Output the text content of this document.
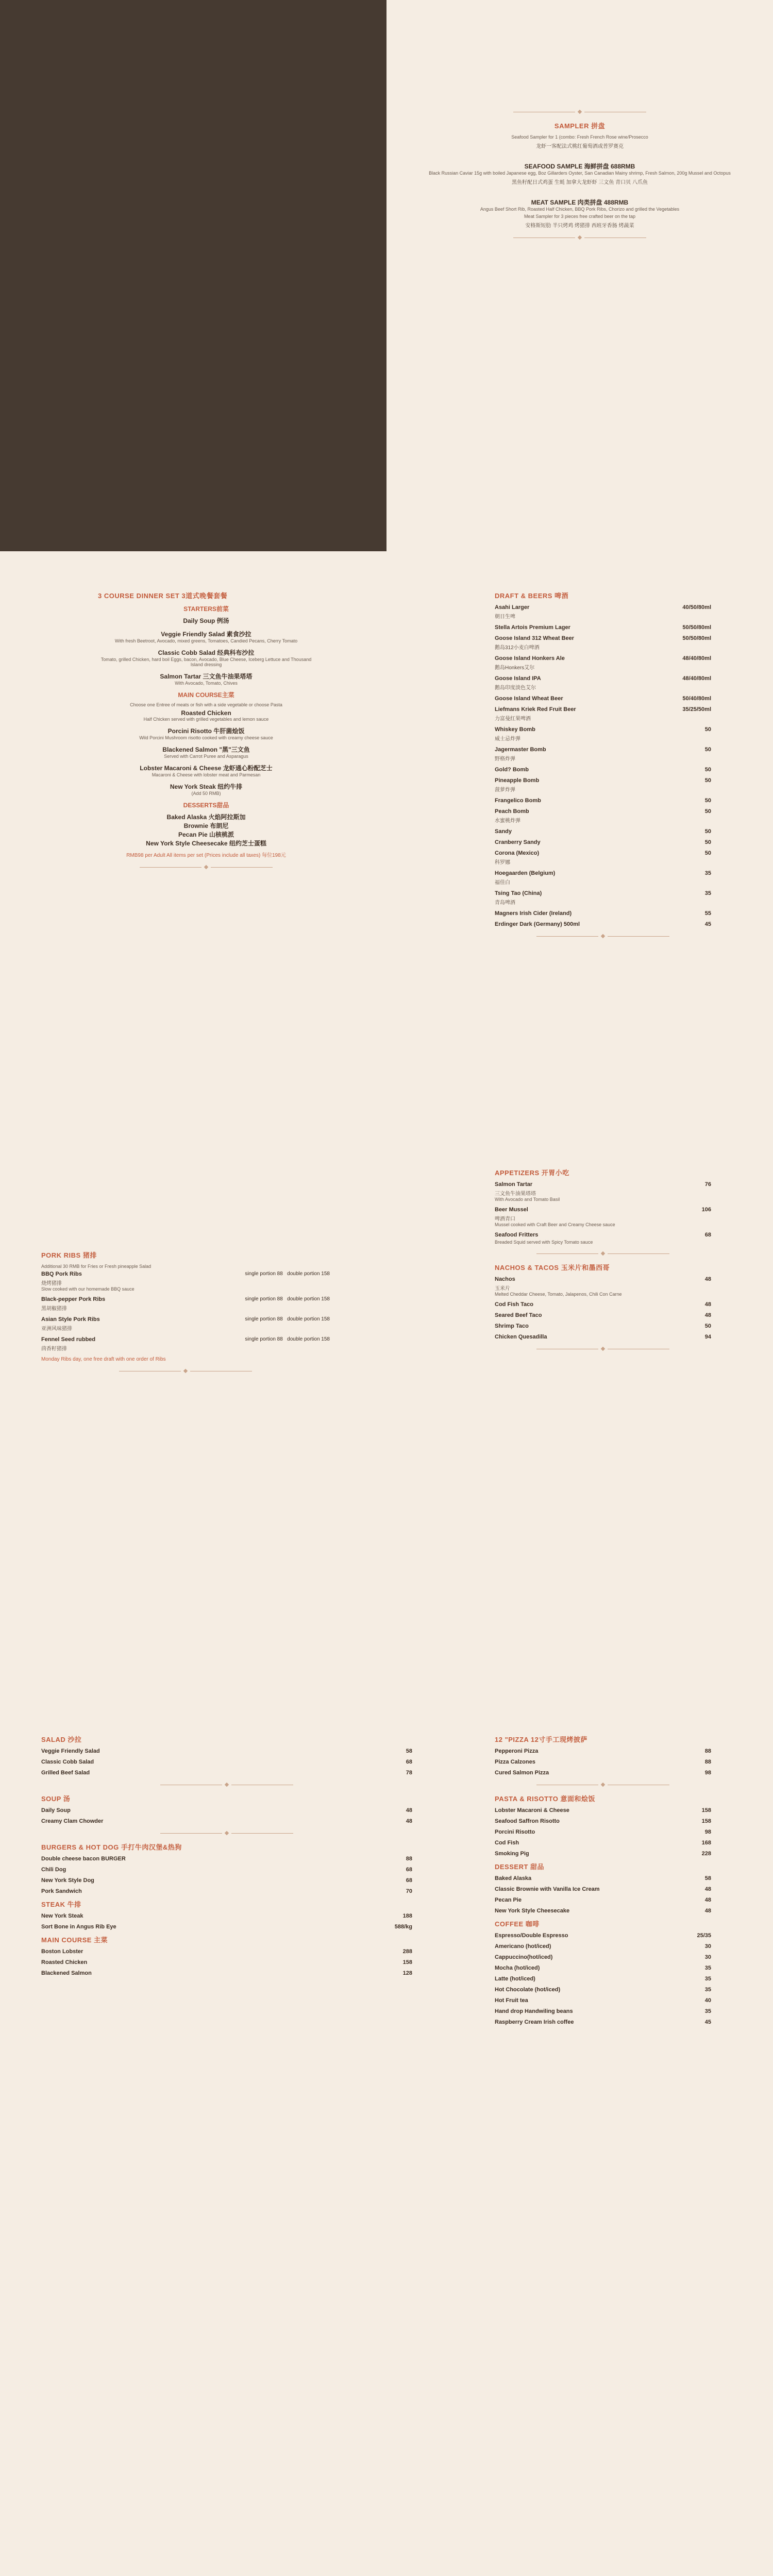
SAMPLER 拼盘
Seafood Sampler for 1 (combo: Fresh French Rose wine/Prosecco
龙虾一客配法式桃红葡萄酒或普罗赛克
SEAFOOD SAMPLE 海鲜拼盘 688RMB
Black Russian Caviar 15g with boiled Japanese egg, Boz Gillarders Oyster, San Canadian Mainy shrimp, Fresh Salmon, 200g Mussel and Octopus
黑鱼籽配日式鸡蛋 生蚝 加拿大龙虾虾 三文鱼 青口贝 八爪鱼
MEAT SAMPLE 肉类拼盘 488RMB
Angus Beef Short Rib, Roasted Half Chicken, BBQ Pork Ribs, Chorizo and grilled the Vegetables
Meat Sampler for 3 pieces free crafted beer on the tap
安格斯短肋 半只烤鸡 烤猪排 西班牙香肠 烤蔬菜
3 COURSE DINNER SET 3道式晚餐套餐
STARTERS前菜
Daily Soup 例汤
Veggie Friendly Salad 素食沙拉
With fresh Beetroot, Avocado, mixed greens, Tomatoes, Candied Pecans, Cherry Tomato
Classic Cobb Salad 经典科布沙拉
Tomato, grilled Chicken, hard boil Eggs, bacon, Avocado, Blue Cheese, Iceberg Lettuce and Thousand Island dressing
Salmon Tartar 三文鱼牛油果塔塔
With Avocado, Tomato, Chives
MAIN COURSE主菜
Choose one Entree of meats or fish with a side vegetable or choose Pasta
Roasted Chicken
Half Chicken served with grilled vegetables and lemon sauce
Porcini Risotto 牛肝菌烩饭
Wild Porcini Mushroom risotto cooked with creamy cheese sauce
Blackened Salmon "黑"三文鱼
Served with Carrot Puree and Asparagus
Lobster Macaroni & Cheese 龙虾通心粉配芝士
Macaroni & Cheese with lobster meat and Parmesan
New York Steak 纽约牛排
(Add 50 RMB)
DESSERTS甜品
Baked Alaska 火焰阿拉斯加
Brownie 布朗尼
Pecan Pie 山核桃派
New York Style Cheesecake 纽约芝士蛋糕
RMB98 per Adult All items per set (Prices include all taxes) 每位198元
DRAFT & BEERS 啤酒
Asahi Larger	40/50/80ml
朝日生啤
Stella Artois Premium Lager	50/50/80ml
Goose Island 312 Wheat Beer	50/50/80ml
鹅岛312小麦白啤酒
Goose Island Honkers Ale	48/40/80ml
鹅岛Honkers艾尔
Goose Island IPA	48/40/80ml
鹅岛印度淡色艾尔
Goose Island Wheat Beer	50/40/80ml
Liefmans Kriek Red Fruit Beer	35/25/50ml
力富曼红果啤酒
Whiskey Bomb	50
威士忌炸弹
Jagermaster Bomb	50
野格炸弹
Gold? Bomb	50
Pineapple Bomb	50
菠萝炸弹
Frangelico Bomb	50
Peach Bomb	50
水蜜桃炸弹
Sandy	50
Cranberry Sandy	50
Corona (Mexico)	50
科罗娜
Hoegaarden (Belgium)	35
福佳白
Tsing Tao (China)	35
青岛啤酒
Magners Irish Cider (Ireland)	55
Erdinger Dark (Germany) 500ml	45
PORK RIBS 猪排
Additional 30 RMB for Fries or Fresh pineapple Salad
BBQ Pork Ribs	single portion 88 double portion 158
烧烤猪排
Slow cooked with our homemade BBQ sauce
Black-pepper Pork Ribs	single portion 88 double portion 158
黑胡椒猪排
Asian Style Pork Ribs	single portion 88 double portion 158
亚洲风味猪排
Fennel Seed rubbed	single portion 88 double portion 158
茴香籽猪排
Monday Ribs day, one free draft with one order of Ribs
APPETIZERS 开胃小吃
Salmon Tartar	76
三文鱼牛油果塔塔
With Avocado and Tomato Basil
Beer Mussel	106
啤酒青口
Mussel cooked with Craft Beer and Creamy Cheese sauce
Seafood Fritters	68
Breaded Squid served with Spicy Tomato sauce
NACHOS & TACOS 玉米片和墨西哥
Nachos	48
玉米片
Melted Cheddar Cheese, Tomato, Jalapenos, Chili Con Carne
Cod Fish Taco	48
Seared Beef Taco	48
Shrimp Taco	50
Chicken Quesadilla	94
SALAD 沙拉
Veggie Friendly Salad	58
Classic Cobb Salad	68
Grilled Beef Salad	78
SOUP 汤
Daily Soup	48
Creamy Clam Chowder	48
BURGERS & HOT DOG 手打牛肉汉堡&热狗
Double cheese bacon BURGER	88
Chili Dog	68
New York Style Dog	68
Pork Sandwich	70
STEAK 牛排
New York Steak	188
Sort Bone in Angus Rib Eye	588/kg
MAIN COURSE 主菜
Boston Lobster	288
Roasted Chicken	158
Blackened Salmon	128
12 "PIZZA 12寸手工现烤披萨
Pepperoni Pizza	88
Pizza Calzones	88
Cured Salmon Pizza	98
PASTA & RISOTTO 意面和烩饭
Lobster Macaroni & Cheese	158
Seafood Saffron Risotto	158
Porcini Risotto	98
Cod Fish	168
Smoking Pig	228
DESSERT 甜品
Baked Alaska	58
Classic Brownie with Vanilla Ice Cream	48
Pecan Pie	48
New York Style Cheesecake	48
COFFEE 咖啡
Espresso/Double Espresso	25/35
Americano (hot/iced)	30
Cappuccino(hot/iced)	30
Mocha (hot/iced)	35
Latte (hot/iced)	35
Hot Chocolate (hot/iced)	35
Hot Fruit tea	40
Hand drop Handwiling beans	35
Raspberry Cream Irish coffee	45
